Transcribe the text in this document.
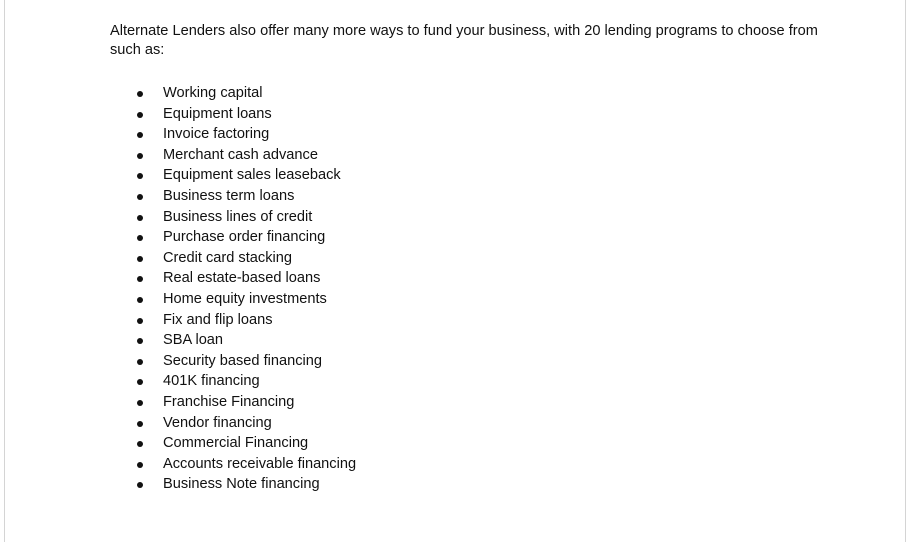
Alternate Lenders also offer many more ways to fund your business, with 20 lending programs to choose from such as:

Working capital
Equipment loans
Invoice factoring
Merchant cash advance
Equipment sales leaseback
Business term loans
Business lines of credit
Purchase order financing
Credit card stacking
Real estate-based loans
Home equity investments
Fix and flip loans
SBA loan
Security based financing
401K financing
Franchise Financing
Vendor financing
Commercial Financing
Accounts receivable financing
Business Note financing
